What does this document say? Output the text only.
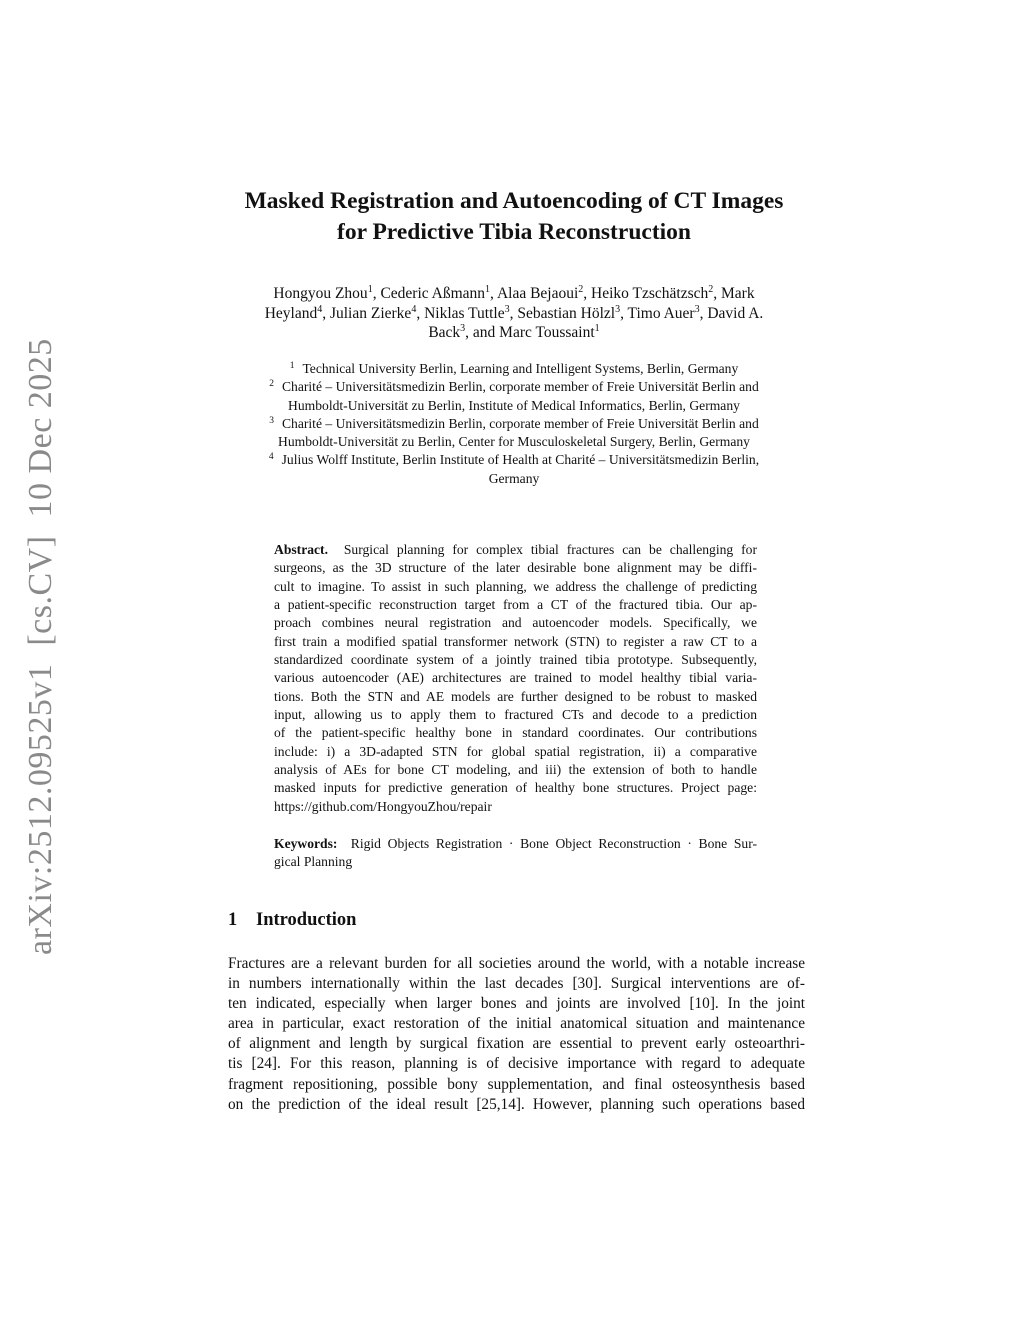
arXiv:2512.09525v1[cs.CV]10 Dec 2025
Masked Registration and Autoencoding of CT Images
for Predictive Tibia Reconstruction
Hongyou Zhou$^1$, Cederic Aßmann$^1$, Alaa Bejaoui$^2$, Heiko Tzschätzsch$^2$, Mark
Heyland$^4$, Julian Zierke$^4$, Niklas Tuttle$^3$, Sebastian Hölzl$^3$, Timo Auer$^3$, David A.
Back$^3$, and Marc Toussaint$^1$
$^1$ Technical University Berlin, Learning and Intelligent Systems, Berlin, Germany
$^2$ Charité – Universitätsmedizin Berlin, corporate member of Freie Universität Berlin and
Humboldt-Universität zu Berlin, Institute of Medical Informatics, Berlin, Germany
$^3$ Charité – Universitätsmedizin Berlin, corporate member of Freie Universität Berlin and
Humboldt-Universität zu Berlin, Center for Musculoskeletal Surgery, Berlin, Germany
$^4$ Julius Wolff Institute, Berlin Institute of Health at Charité – Universitätsmedizin Berlin,
Germany
Abstract. Surgical planning for complex tibial fractures can be challenging for
surgeons, as the 3D structure of the later desirable bone alignment may be diffi-
cult to imagine. To assist in such planning, we address the challenge of predicting
a patient-specific reconstruction target from a CT of the fractured tibia. Our ap-
proach combines neural registration and autoencoder models. Specifically, we
first train a modified spatial transformer network (STN) to register a raw CT to a
standardized coordinate system of a jointly trained tibia prototype. Subsequently,
various autoencoder (AE) architectures are trained to model healthy tibial varia-
tions. Both the STN and AE models are further designed to be robust to masked
input, allowing us to apply them to fractured CTs and decode to a prediction
of the patient-specific healthy bone in standard coordinates. Our contributions
include: i) a 3D-adapted STN for global spatial registration, ii) a comparative
analysis of AEs for bone CT modeling, and iii) the extension of both to handle
masked inputs for predictive generation of healthy bone structures. Project page:
https://github.com/HongyouZhou/repair
Keywords: Rigid Objects Registration · Bone Object Reconstruction · Bone Sur-
gical Planning
1 Introduction
Fractures are a relevant burden for all societies around the world, with a notable increase
in numbers internationally within the last decades [30]. Surgical interventions are of-
ten indicated, especially when larger bones and joints are involved [10]. In the joint
area in particular, exact restoration of the initial anatomical situation and maintenance
of alignment and length by surgical fixation are essential to prevent early osteoarthri-
tis [24]. For this reason, planning is of decisive importance with regard to adequate
fragment repositioning, possible bony supplementation, and final osteosynthesis based
on the prediction of the ideal result [25,14]. However, planning such operations based
